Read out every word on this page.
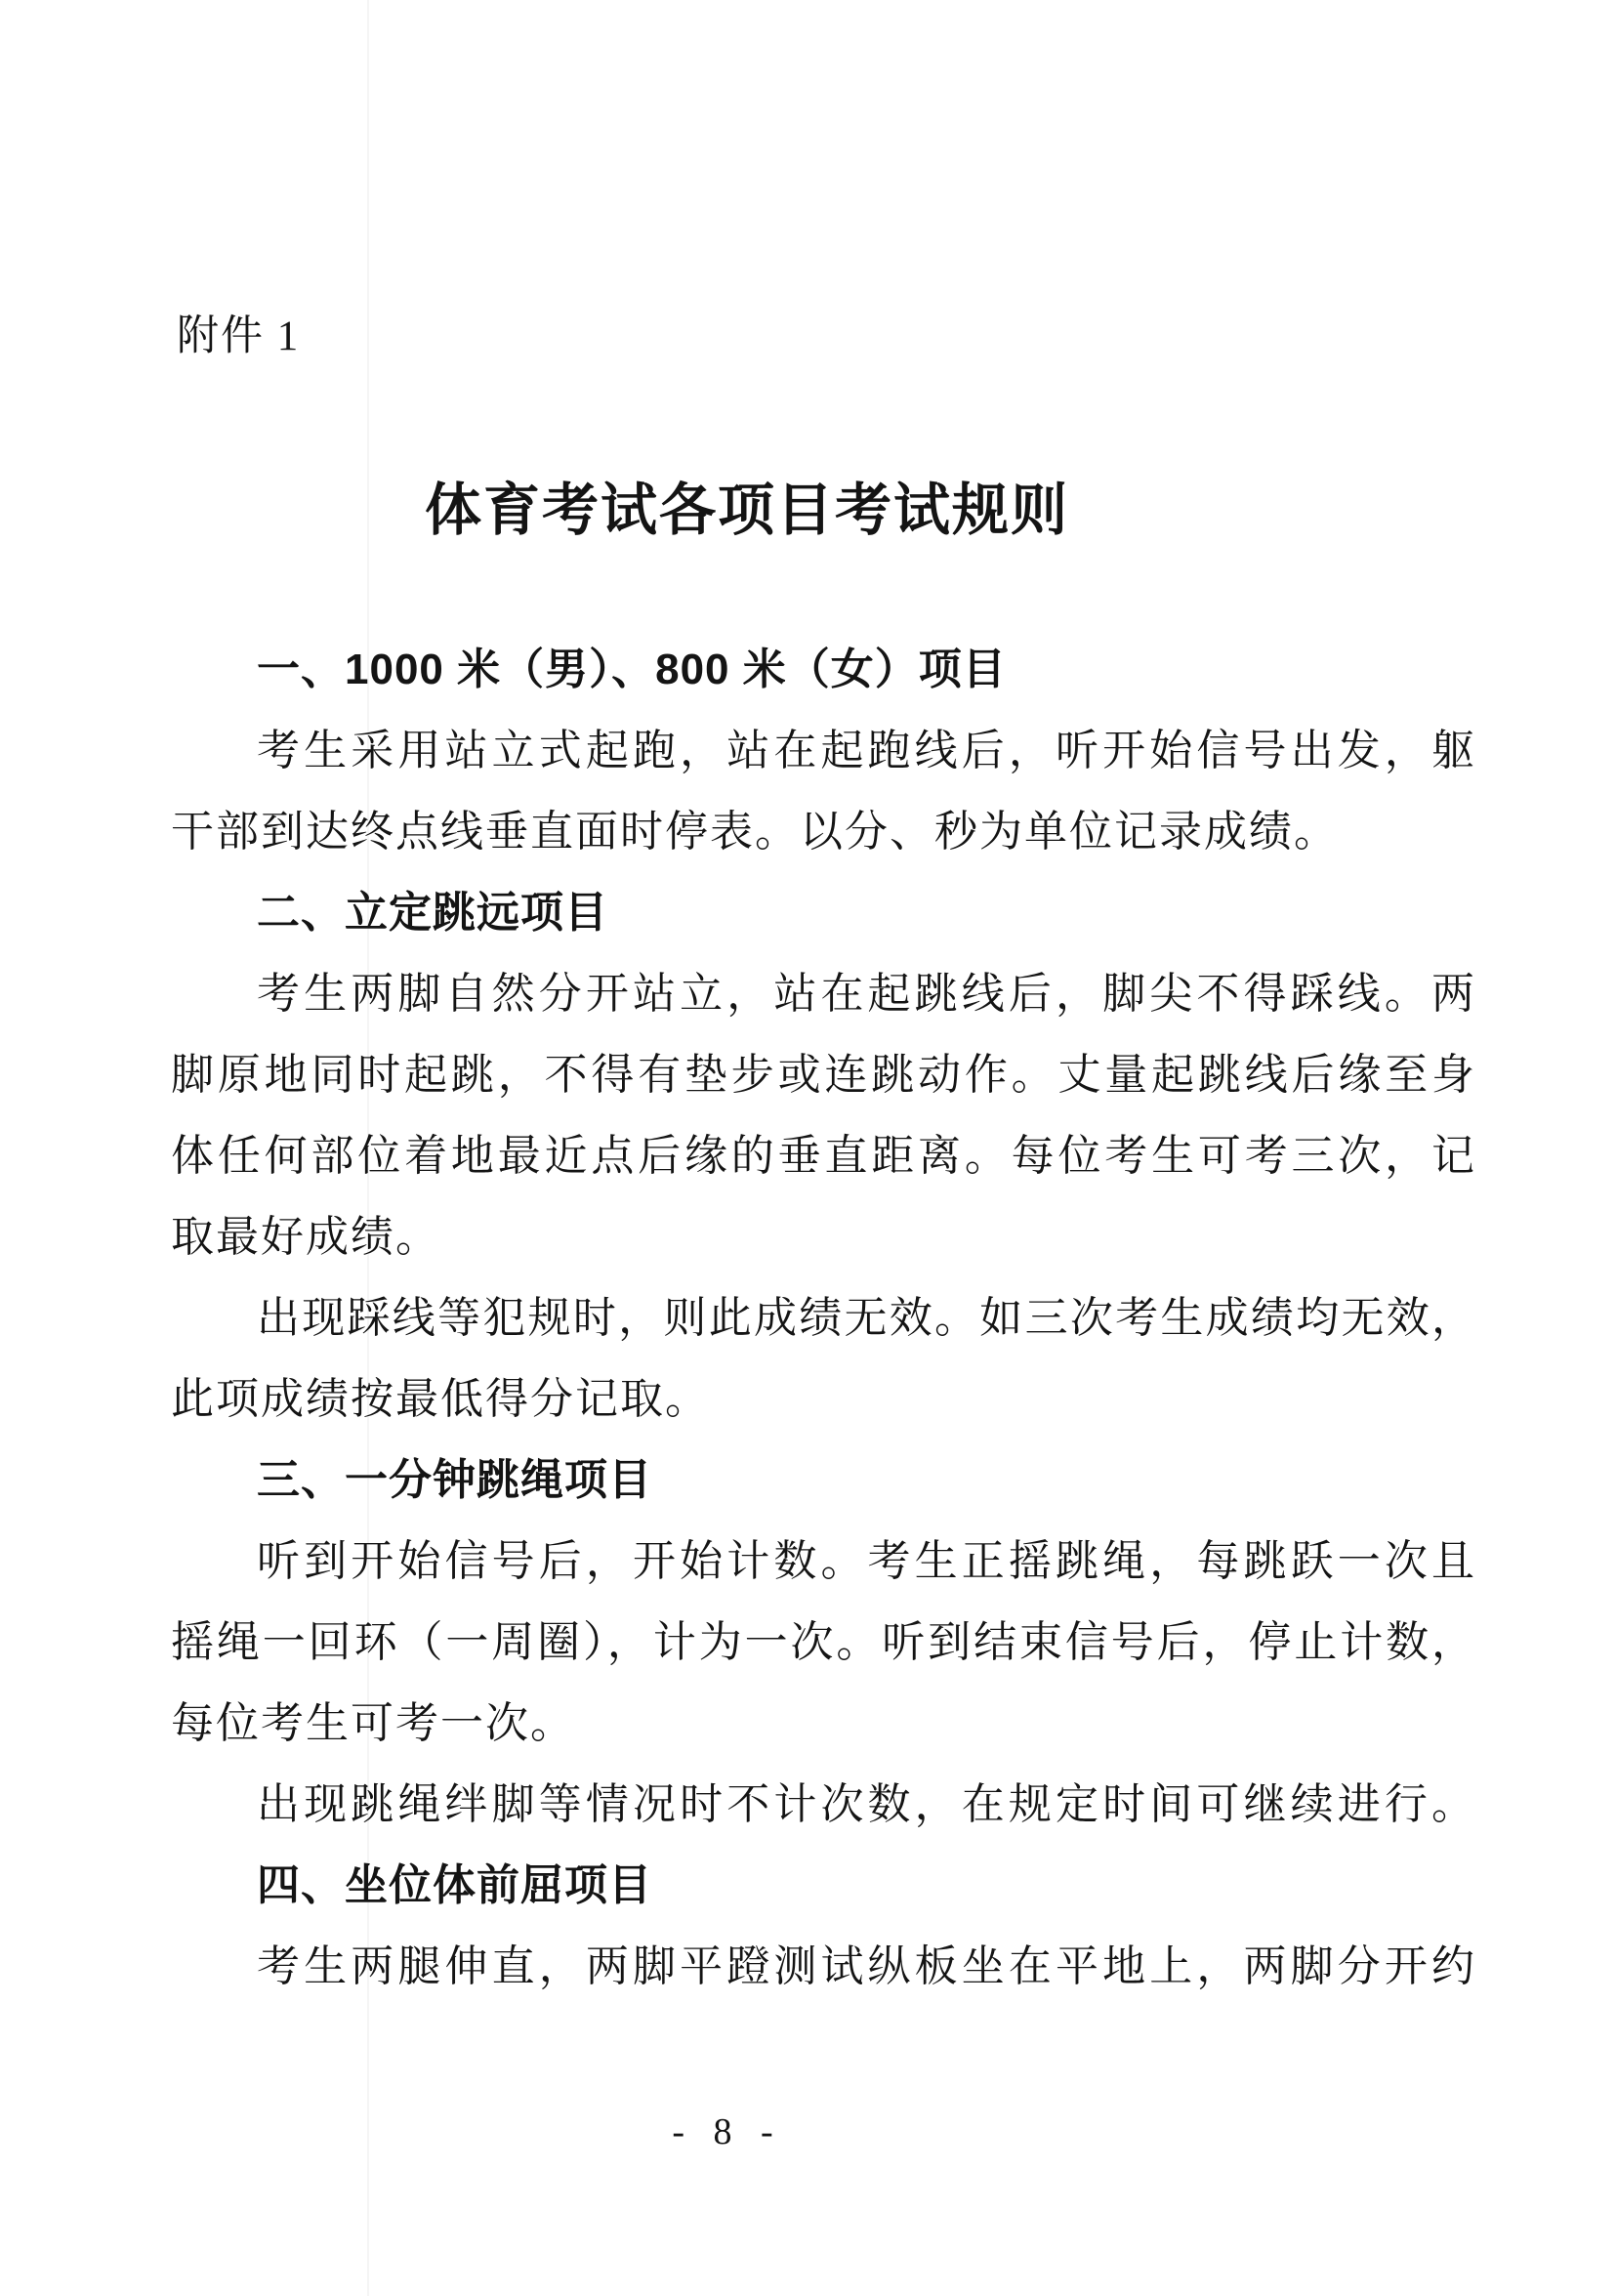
附件 1
体育考试各项目考试规则
一、1000 米（男）、800 米（女）项目
考生采用站立式起跑，站在起跑线后，听开始信号出发，躯
干部到达终点线垂直面时停表。以分、秒为单位记录成绩。
二、立定跳远项目
考生两脚自然分开站立，站在起跳线后，脚尖不得踩线。两
脚原地同时起跳，不得有垫步或连跳动作。丈量起跳线后缘至身
体任何部位着地最近点后缘的垂直距离。每位考生可考三次，记
取最好成绩。
出现踩线等犯规时，则此成绩无效。如三次考生成绩均无效，
此项成绩按最低得分记取。
三、一分钟跳绳项目
听到开始信号后，开始计数。考生正摇跳绳，每跳跃一次且
摇绳一回环（一周圈），计为一次。听到结束信号后，停止计数，
每位考生可考一次。
出现跳绳绊脚等情况时不计次数，在规定时间可继续进行。
四、坐位体前屈项目
考生两腿伸直，两脚平蹬测试纵板坐在平地上，两脚分开约
- 8 -
